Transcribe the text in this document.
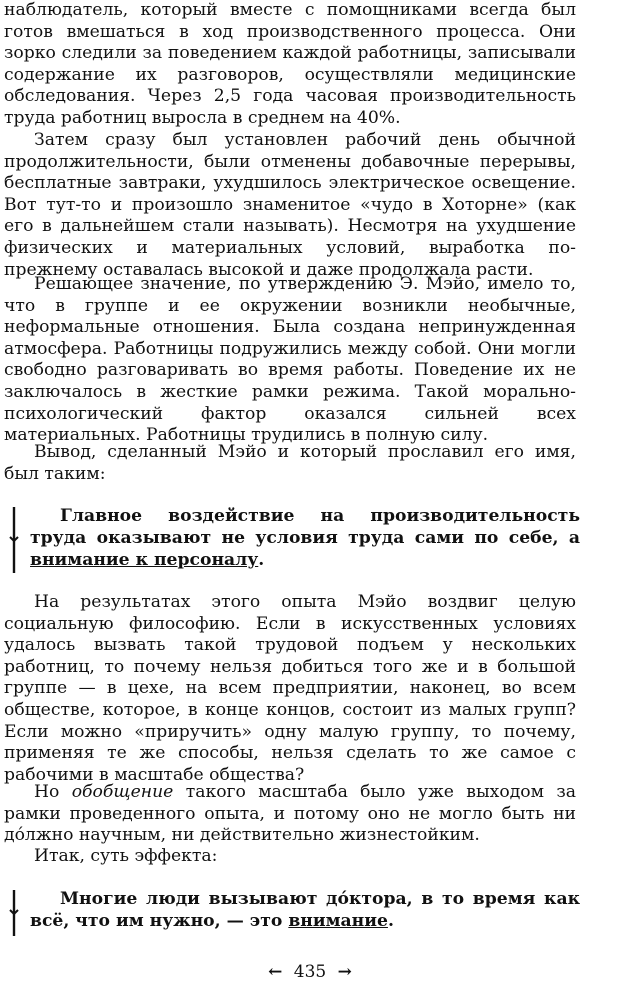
наблюдатель, который вместе с помощниками всегда был готов вмешаться в ход производственного процесса. Они зорко следили за поведением каждой работницы, записывали содержание их разговоров, осуществляли медицинские обследования. Через 2,5 года часовая производительность труда работниц выросла в среднем на 40%.

Затем сразу был установлен рабочий день обычной продолжительности, были отменены добавочные перерывы, бесплатные завтраки, ухудшилось электрическое освещение. Вот тут-то и произошло знаменитое «чудо в Хоторне» (как его в дальнейшем стали называть). Несмотря на ухудшение физических и материальных условий, выработка по-прежнему оставалась высокой и даже продолжала расти.

Решающее значение, по утверждению Э. Мэйо, имело то, что в группе и ее окружении возникли необычные, неформальные отношения. Была создана непринужденная атмосфера. Работницы подружились между собой. Они могли свободно разговаривать во время работы. Поведение их не заключалось в жесткие рамки режима. Такой морально-психологический фактор оказался сильней всех материальных. Работницы трудились в полную силу.

Вывод, сделанный Мэйо и который прославил его имя, был таким:

Главное воздействие на производительность труда оказывают не условия труда сами по себе, а внимание к персоналу.

На результатах этого опыта Мэйо воздвиг целую социальную философию. Если в искусственных условиях удалось вызвать такой трудовой подъем у нескольких работниц, то почему нельзя добиться того же и в большой группе — в цехе, на всем предприятии, наконец, во всем обществе, которое, в конце концов, состоит из малых групп? Если можно «приручить» одну малую группу, то почему, применяя те же способы, нельзя сделать то же самое с рабочими в масштабе общества?

Но обобщение такого масштаба было уже выходом за рамки проведенного опыта, и потому оно не могло быть ни до́лжно научным, ни действительно жизнестойким.

Итак, суть эффекта:

Многие люди вызывают до́ктора, в то время как всё, что им нужно, — это внимание.

← 435 →
